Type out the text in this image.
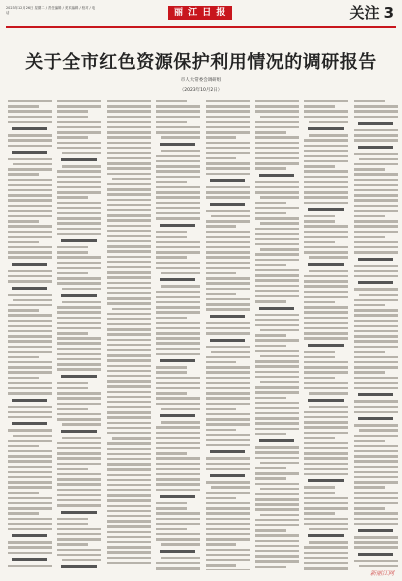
2023年12月26日 星期二 / 责任编辑 / 美术编辑 / 校对 / 电话	丽 江 日 报	关注 3
关于全市红色资源保护利用情况的调研报告
市人大常委会调研组
（2023年10月2日）
新丽江网
